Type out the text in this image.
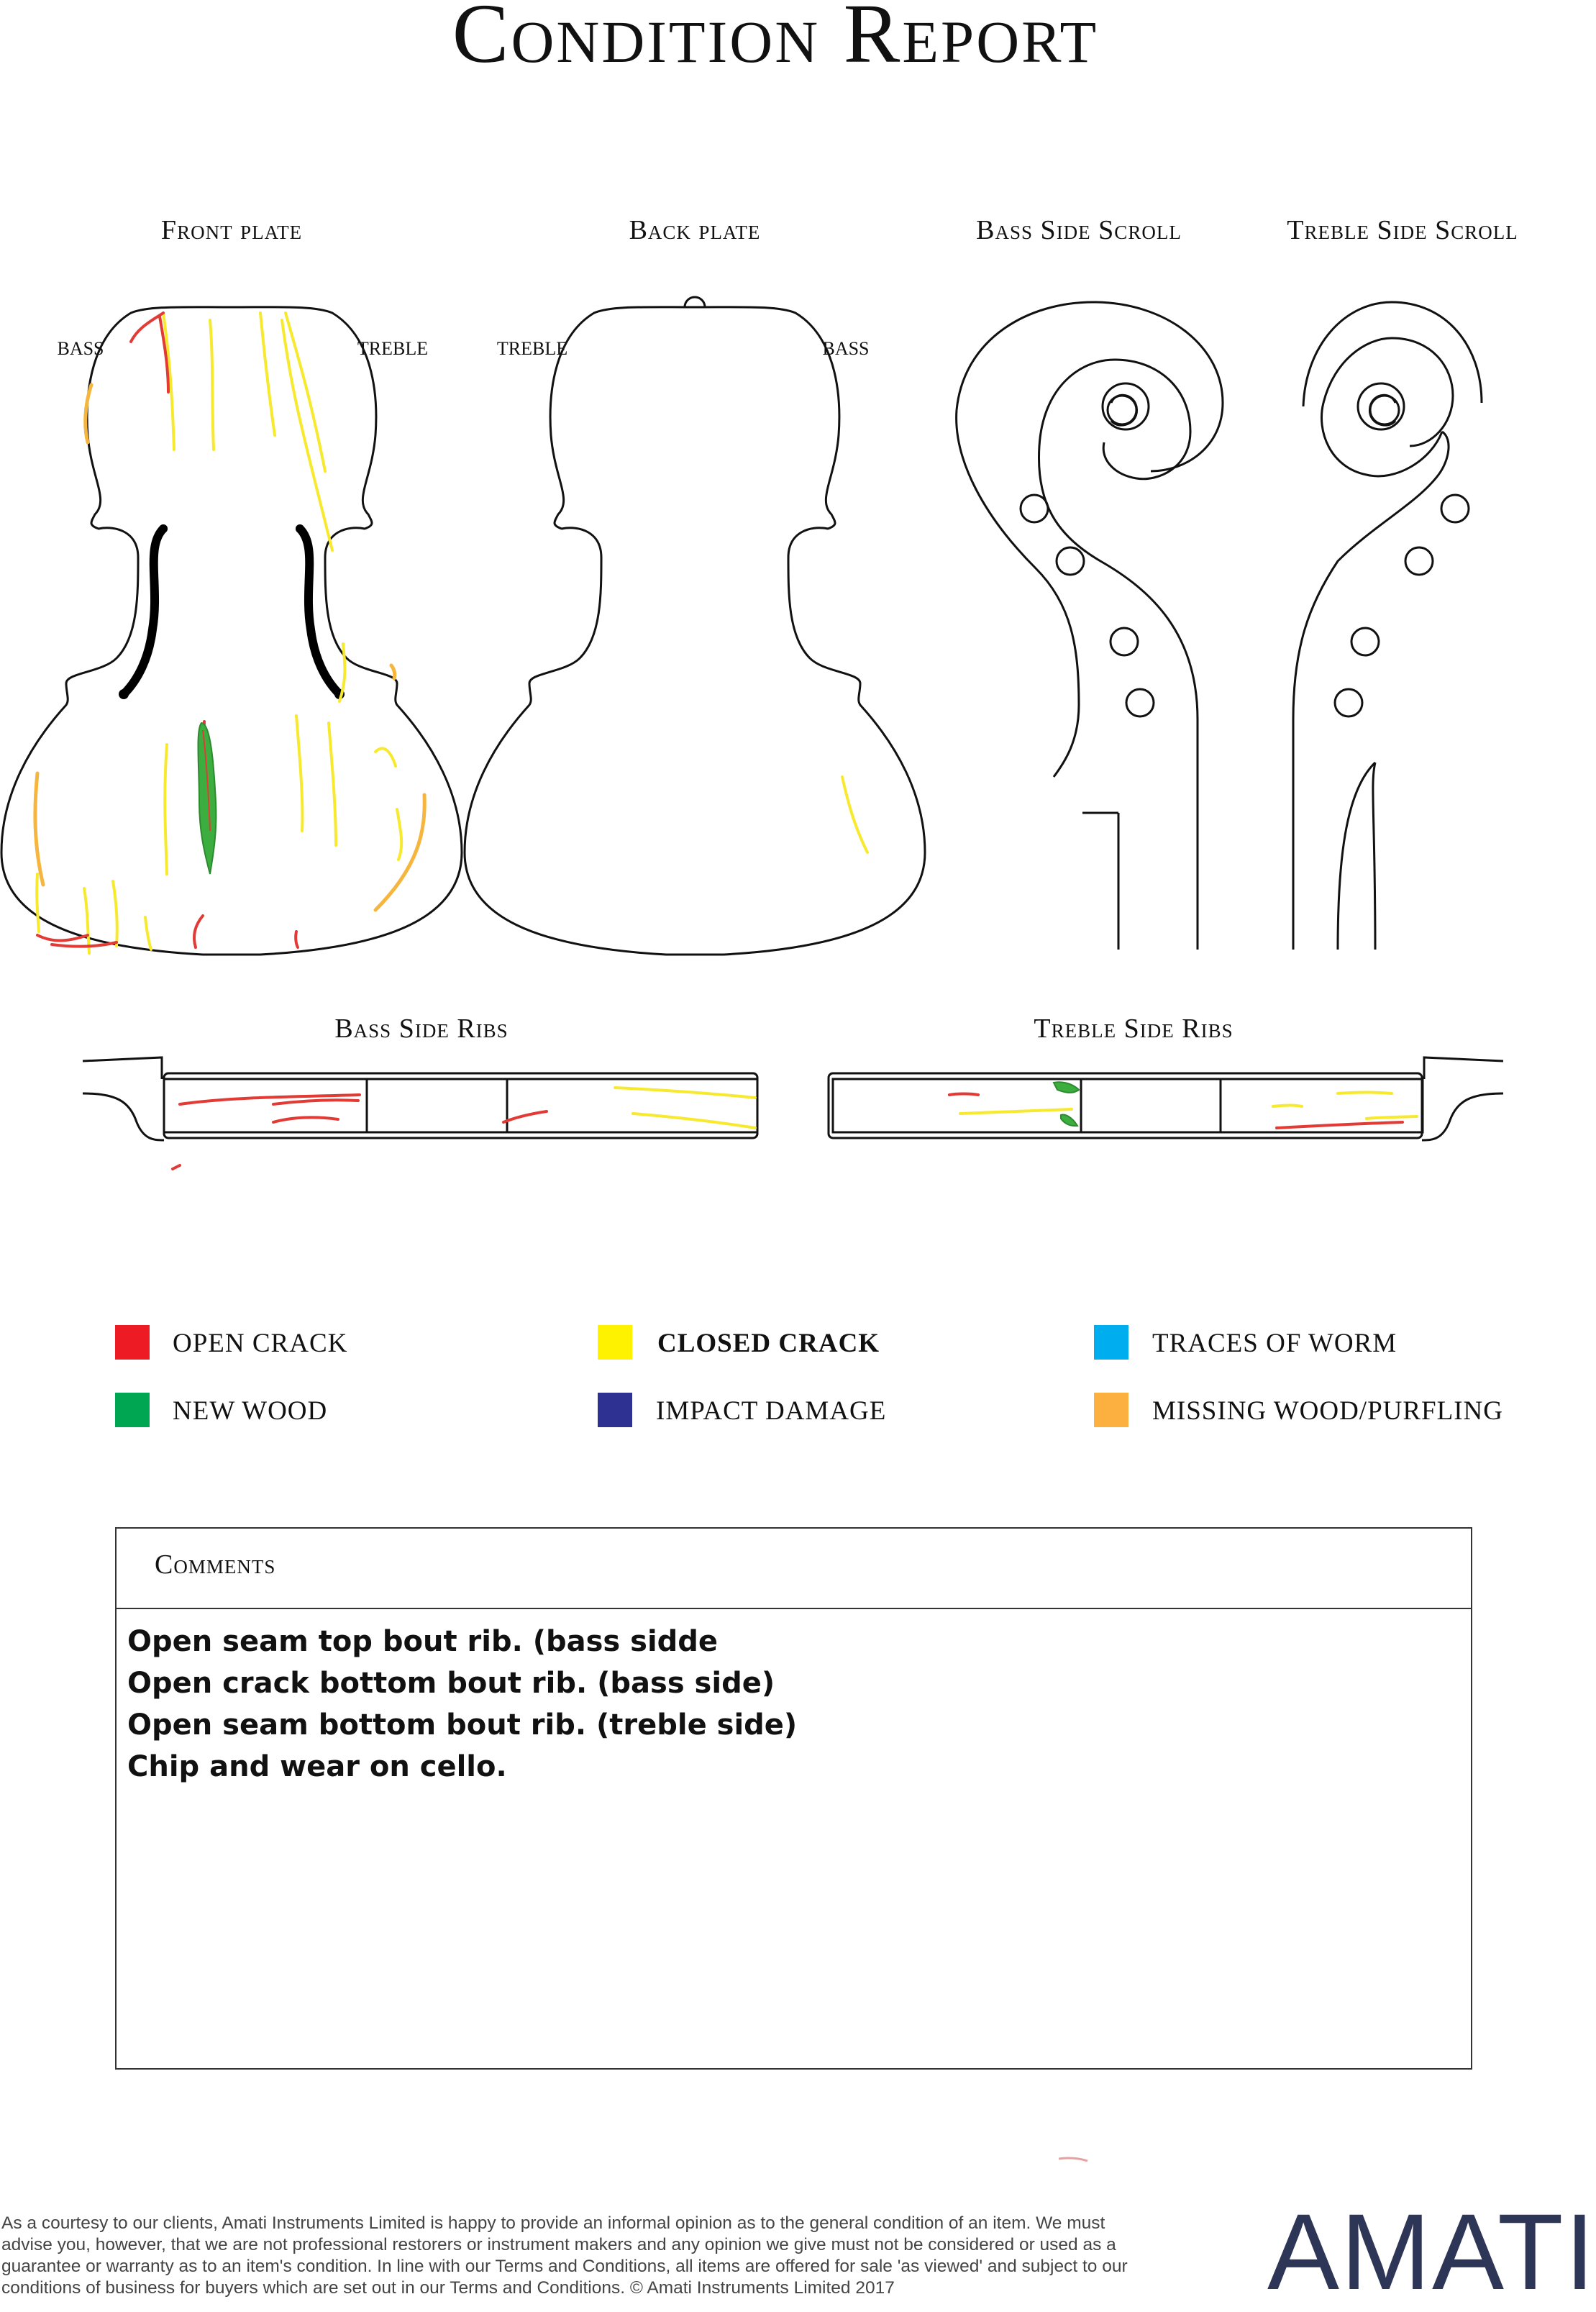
Condition Report
Front plate	Back plate	Bass Side Scroll	Treble Side Scroll
Bass Side Ribs	Treble Side Ribs
BASS	TREBLE	TREBLE	BASS
OPEN CRACK	CLOSED CRACK	TRACES OF WORM
NEW WOOD	IMPACT DAMAGE	MISSING WOOD/PURFLING
Comments
Open seam top bout rib. (bass sidde
Open crack bottom bout rib. (bass side)
Open seam bottom bout rib. (treble side)
Chip and wear on cello.
As a courtesy to our clients, Amati Instruments Limited is happy to provide an informal opinion as to the general condition of an item. We must advise you, however, that we are not professional restorers or instrument makers and any opinion we give must not be considered or used as a guarantee or warranty as to an item's condition. In line with our Terms and Conditions, all items are offered for sale 'as viewed' and subject to our conditions of business for buyers which are set out in our Terms and Conditions. © Amati Instruments Limited 2017	AMATI
